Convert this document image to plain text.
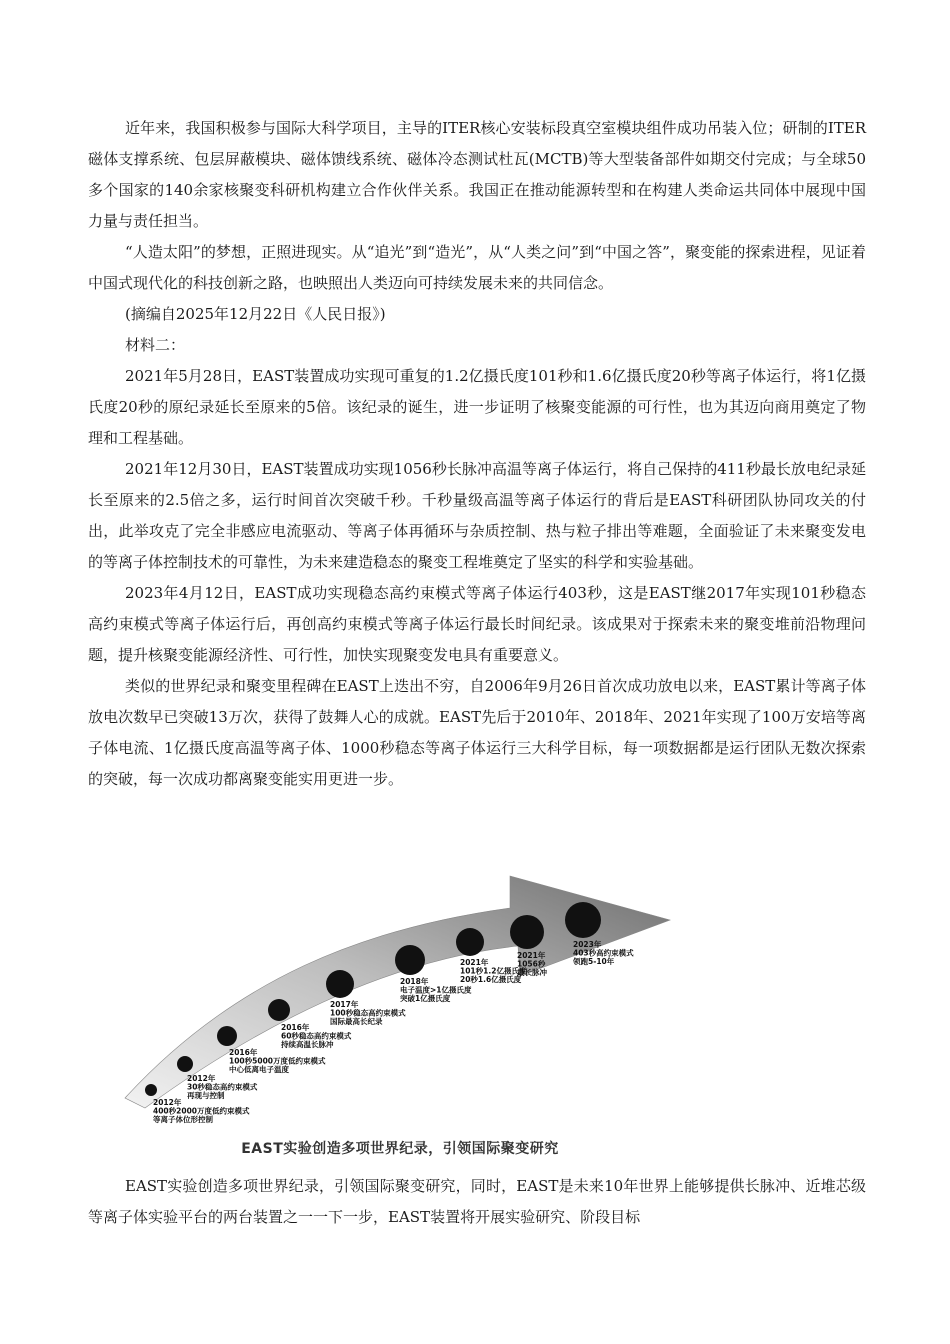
近年来，我国积极参与国际大科学项目，主导的ITER核心安装标段真空室模块组件成功吊装入位；研制的ITER磁体支撑系统、包层屏蔽模块、磁体馈线系统、磁体冷态测试杜瓦(MCTB)等大型装备部件如期交付完成；与全球50多个国家的140余家核聚变科研机构建立合作伙伴关系。我国正在推动能源转型和在构建人类命运共同体中展现中国力量与责任担当。

“人造太阳”的梦想，正照进现实。从“追光”到“造光”，从“人类之问”到“中国之答”，聚变能的探索进程，见证着中国式现代化的科技创新之路，也映照出人类迈向可持续发展未来的共同信念。

(摘编自2025年12月22日《人民日报》)

材料二：

2021年5月28日，EAST装置成功实现可重复的1.2亿摄氏度101秒和1.6亿摄氏度20秒等离子体运行，将1亿摄氏度20秒的原纪录延长至原来的5倍。该纪录的诞生，进一步证明了核聚变能源的可行性，也为其迈向商用奠定了物理和工程基础。

2021年12月30日，EAST装置成功实现1056秒长脉冲高温等离子体运行，将自己保持的411秒最长放电纪录延长至原来的2.5倍之多，运行时间首次突破千秒。千秒量级高温等离子体运行的背后是EAST科研团队协同攻关的付出，此举攻克了完全非感应电流驱动、等离子体再循环与杂质控制、热与粒子排出等难题，全面验证了未来聚变发电的等离子体控制技术的可靠性，为未来建造稳态的聚变工程堆奠定了坚实的科学和实验基础。

2023年4月12日，EAST成功实现稳态高约束模式等离子体运行403秒，这是EAST继2017年实现101秒稳态高约束模式等离子体运行后，再创高约束模式等离子体运行最长时间纪录。该成果对于探索未来的聚变堆前沿物理问题，提升核聚变能源经济性、可行性，加快实现聚变发电具有重要意义。

类似的世界纪录和聚变里程碑在EAST上迭出不穷，自2006年9月26日首次成功放电以来，EAST累计等离子体放电次数早已突破13万次，获得了鼓舞人心的成就。EAST先后于2010年、2018年、2021年实现了100万安培等离子体电流、1亿摄氏度高温等离子体、1000秒稳态等离子体运行三大科学目标，每一项数据都是运行团队无数次探索的突破，每一次成功都离聚变能实用更进一步。

2012年
400秒2000万度低约束模式
等离子体位形控制
2012年
30秒稳态高约束模式
再现与控制
2016年
100秒5000万度低约束模式
中心低离电子温度
2016年
60秒稳态高约束模式
持续高温长脉冲
2017年
100秒稳态高约束模式
国际最高长纪录
2018年
电子温度>1亿摄氏度
突破1亿摄氏度
2021年
101秒1.2亿摄氏度
20秒1.6亿摄氏度
2021年
1056秒
最长脉冲
2023年
403秒高约束模式
领跑5-10年
EAST实验创造多项世界纪录，引领国际聚变研究

EAST实验创造多项世界纪录，引领国际聚变研究，同时，EAST是未来10年世界上能够提供长脉冲、近堆芯级等离子体实验平台的两台装置之一一下一步，EAST装置将开展实验研究、阶段目标
